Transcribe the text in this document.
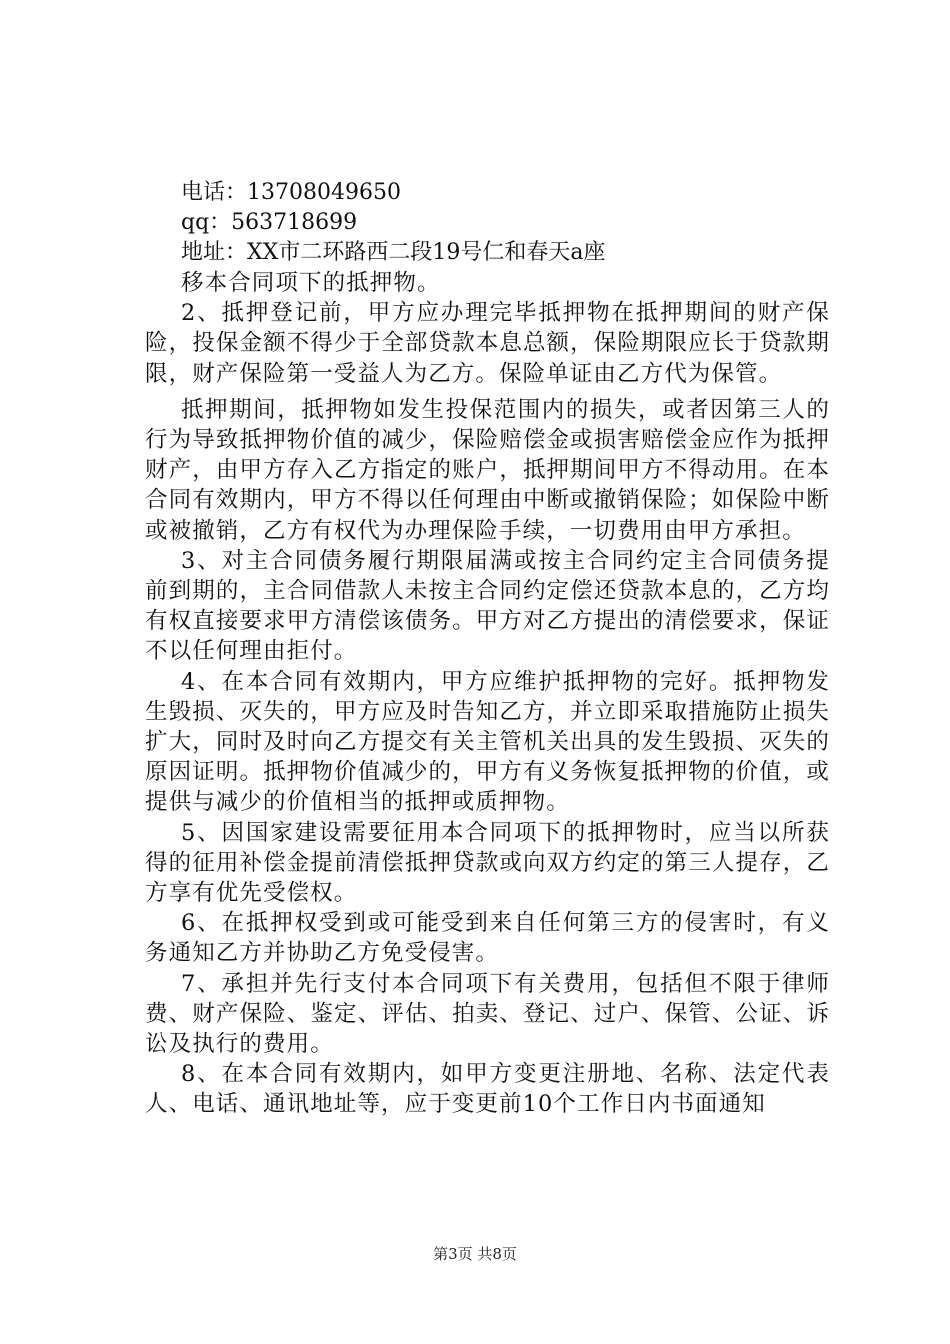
电话：13708049650
qq：563718699
地址：XX市二环路西二段19号仁和春天a座

移本合同项下的抵押物。

2、抵押登记前，甲方应办理完毕抵押物在抵押期间的财产保险，投保金额不得少于全部贷款本息总额，保险期限应长于贷款期限，财产保险第一受益人为乙方。保险单证由乙方代为保管。

抵押期间，抵押物如发生投保范围内的损失，或者因第三人的行为导致抵押物价值的减少，保险赔偿金或损害赔偿金应作为抵押财产，由甲方存入乙方指定的账户，抵押期间甲方不得动用。在本合同有效期内，甲方不得以任何理由中断或撤销保险；如保险中断或被撤销，乙方有权代为办理保险手续，一切费用由甲方承担。

3、对主合同债务履行期限届满或按主合同约定主合同债务提前到期的，主合同借款人未按主合同约定偿还贷款本息的，乙方均有权直接要求甲方清偿该债务。甲方对乙方提出的清偿要求，保证不以任何理由拒付。

4、在本合同有效期内，甲方应维护抵押物的完好。抵押物发生毁损、灭失的，甲方应及时告知乙方，并立即采取措施防止损失扩大，同时及时向乙方提交有关主管机关出具的发生毁损、灭失的原因证明。抵押物价值减少的，甲方有义务恢复抵押物的价值，或提供与减少的价值相当的抵押或质押物。

5、因国家建设需要征用本合同项下的抵押物时，应当以所获得的征用补偿金提前清偿抵押贷款或向双方约定的第三人提存，乙方享有优先受偿权。

6、在抵押权受到或可能受到来自任何第三方的侵害时，有义务通知乙方并协助乙方免受侵害。

7、承担并先行支付本合同项下有关费用，包括但不限于律师费、财产保险、鉴定、评估、拍卖、登记、过户、保管、公证、诉讼及执行的费用。

8、在本合同有效期内，如甲方变更注册地、名称、法定代表人、电话、通讯地址等，应于变更前10个工作日内书面通知

第3页 共8页
